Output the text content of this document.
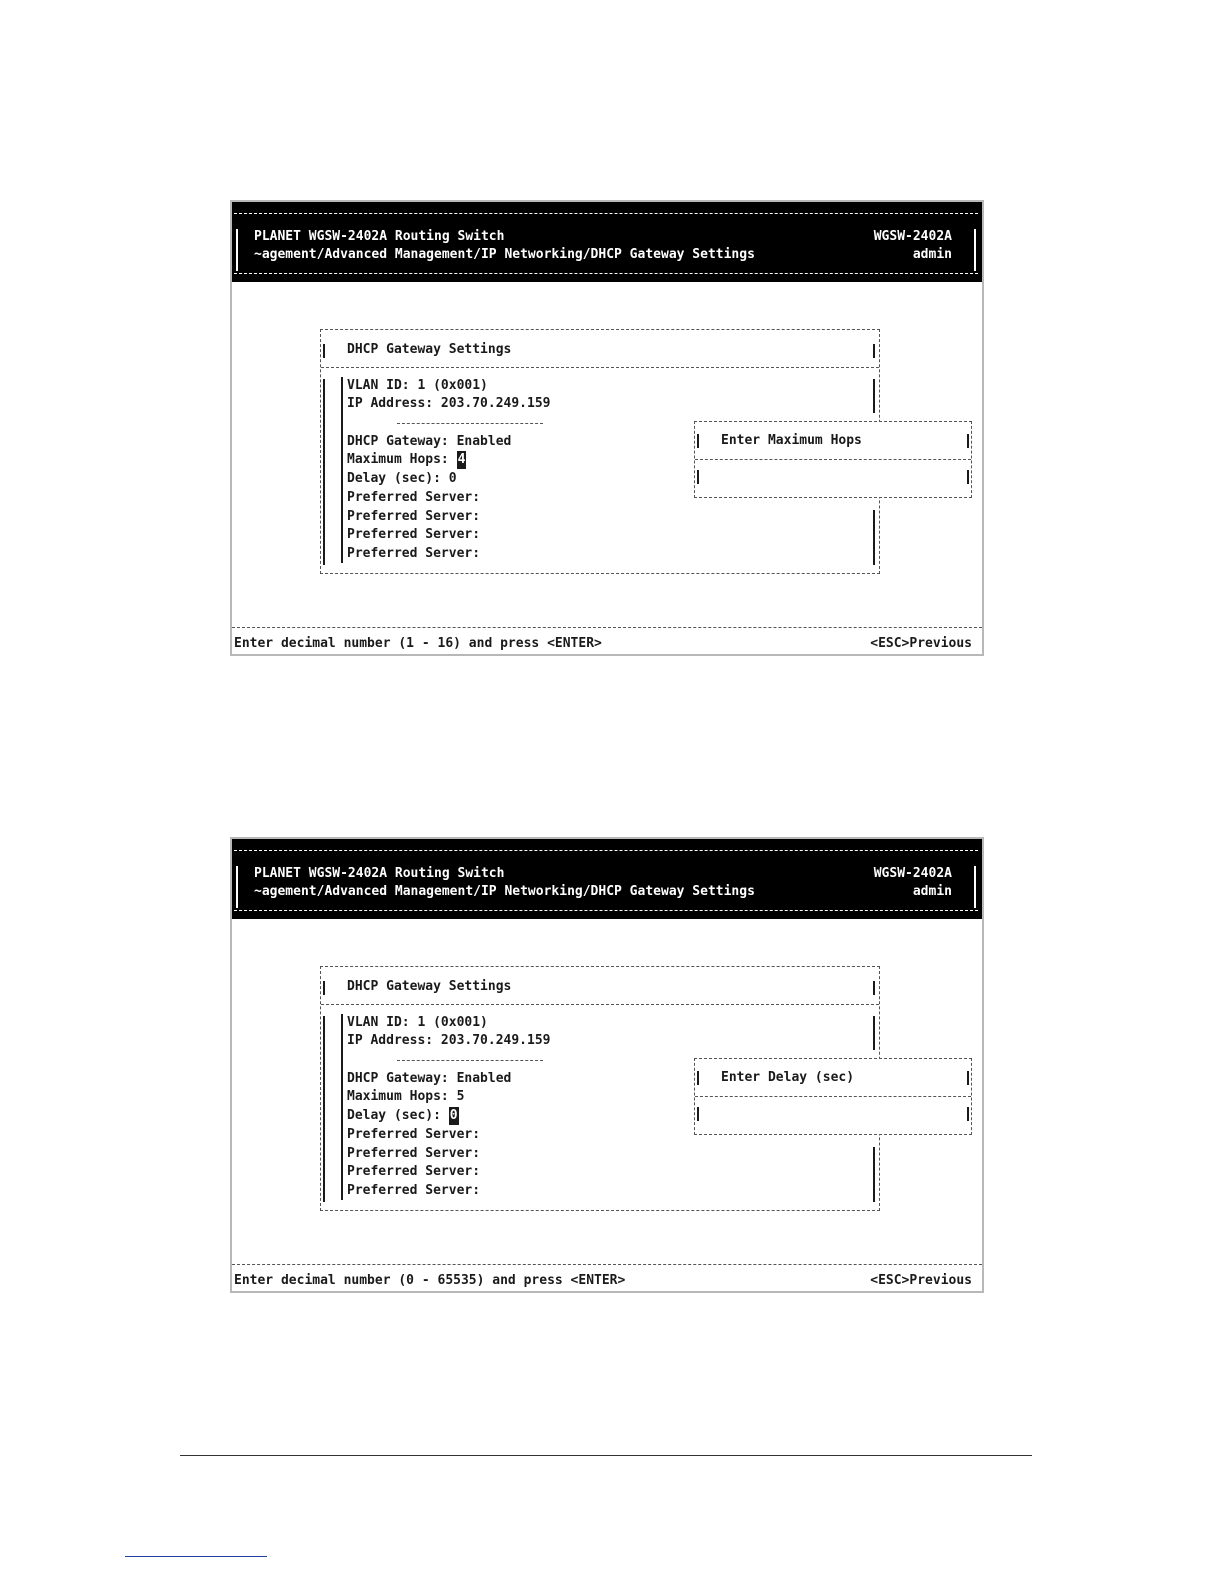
PLANET WGSW-2402A Routing Switch	WGSW-2402A
~agement/Advanced Management/IP Networking/DHCP Gateway Settings	admin
DHCP Gateway Settings
VLAN ID: 1 (0x001)
IP Address: 203.70.249.159
DHCP Gateway: Enabled
Maximum Hops: 4
Delay (sec): 0
Preferred Server:
Preferred Server:
Preferred Server:
Preferred Server:
Enter Maximum Hops
Enter decimal number (1 - 16) and press <ENTER>	<ESC>Previous
PLANET WGSW-2402A Routing Switch	WGSW-2402A
~agement/Advanced Management/IP Networking/DHCP Gateway Settings	admin
DHCP Gateway Settings
VLAN ID: 1 (0x001)
IP Address: 203.70.249.159
DHCP Gateway: Enabled
Maximum Hops: 5
Delay (sec): 0
Preferred Server:
Preferred Server:
Preferred Server:
Preferred Server:
Enter Delay (sec)
Enter decimal number (0 - 65535) and press <ENTER>	<ESC>Previous
